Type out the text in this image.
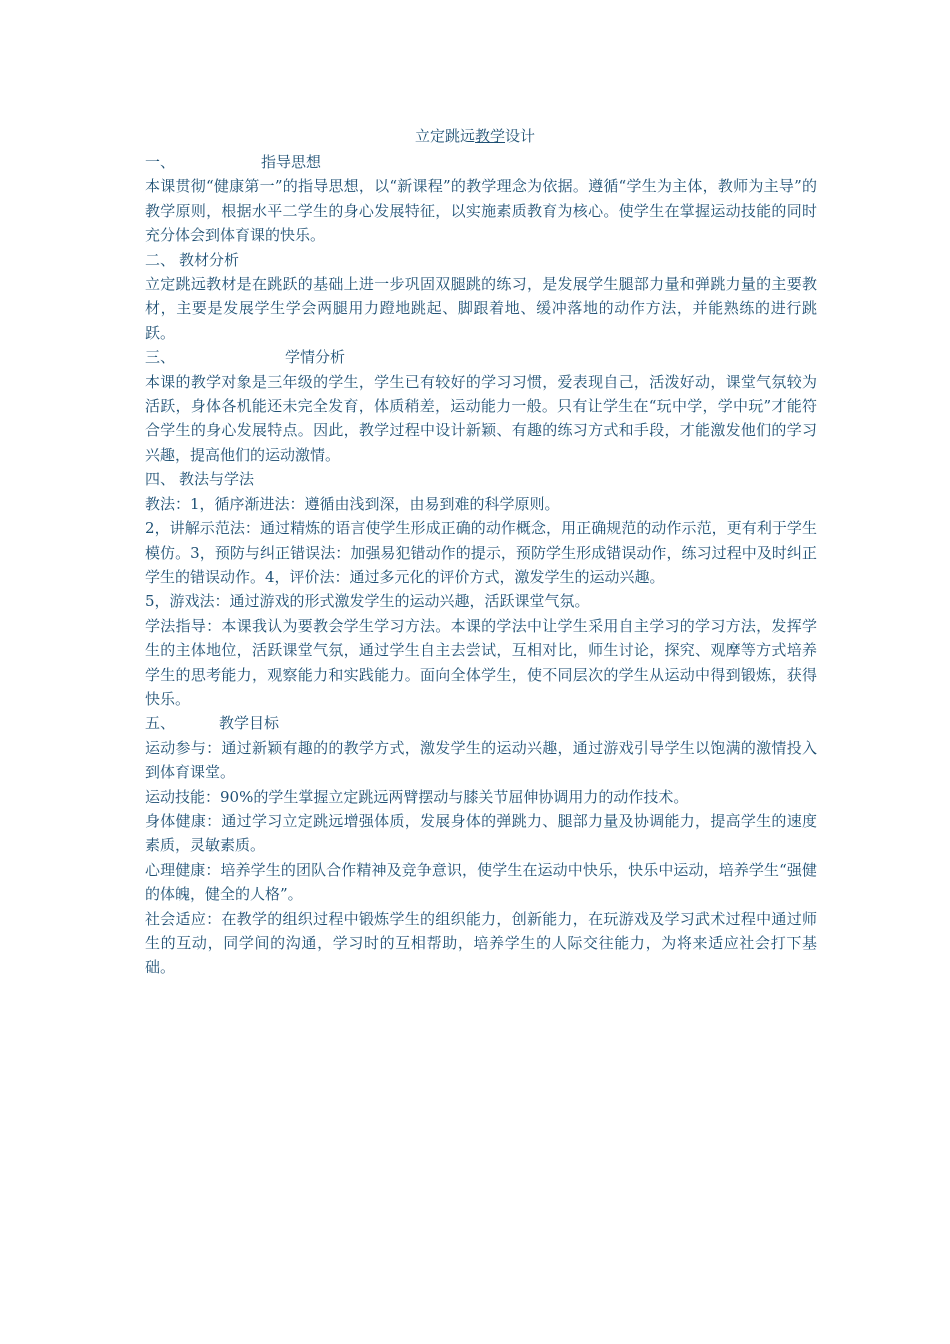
立定跳远教学设计

一、	指导思想

本课贯彻“健康第一”的指导思想，以“新课程”的教学理念为依据。遵循“学生为主体，教师为主导”的教学原则，根据水平二学生的身心发展特征，以实施素质教育为核心。使学生在掌握运动技能的同时充分体会到体育课的快乐。

二、 教材分析

立定跳远教材是在跳跃的基础上进一步巩固双腿跳的练习，是发展学生腿部力量和弹跳力量的主要教材，主要是发展学生学会两腿用力蹬地跳起、脚跟着地、缓冲落地的动作方法，并能熟练的进行跳跃。

三、	学情分析

本课的教学对象是三年级的学生，学生已有较好的学习习惯，爱表现自己，活泼好动，课堂气氛较为活跃，身体各机能还未完全发育，体质稍差，运动能力一般。只有让学生在“玩中学，学中玩”才能符合学生的身心发展特点。因此，教学过程中设计新颖、有趣的练习方式和手段，才能激发他们的学习兴趣，提高他们的运动激情。

四、 教法与学法

教法：1，循序渐进法：遵循由浅到深，由易到难的科学原则。

2，讲解示范法：通过精炼的语言使学生形成正确的动作概念，用正确规范的动作示范，更有利于学生模仿。3，预防与纠正错误法：加强易犯错动作的提示，预防学生形成错误动作，练习过程中及时纠正学生的错误动作。4，评价法：通过多元化的评价方式，激发学生的运动兴趣。

5，游戏法：通过游戏的形式激发学生的运动兴趣，活跃课堂气氛。

学法指导：本课我认为要教会学生学习方法。本课的学法中让学生采用自主学习的学习方法，发挥学生的主体地位，活跃课堂气氛，通过学生自主去尝试，互相对比，师生讨论，探究、观摩等方式培养学生的思考能力，观察能力和实践能力。面向全体学生，使不同层次的学生从运动中得到锻炼，获得快乐。

五、	教学目标

运动参与：通过新颖有趣的的教学方式，激发学生的运动兴趣，通过游戏引导学生以饱满的激情投入到体育课堂。

运动技能：90%的学生掌握立定跳远两臂摆动与膝关节屈伸协调用力的动作技术。

身体健康：通过学习立定跳远增强体质，发展身体的弹跳力、腿部力量及协调能力，提高学生的速度素质，灵敏素质。

心理健康：培养学生的团队合作精神及竞争意识，使学生在运动中快乐，快乐中运动，培养学生“强健的体魄，健全的人格”。

社会适应：在教学的组织过程中锻炼学生的组织能力，创新能力，在玩游戏及学习武术过程中通过师生的互动，同学间的沟通，学习时的互相帮助，培养学生的人际交往能力，为将来适应社会打下基础。
